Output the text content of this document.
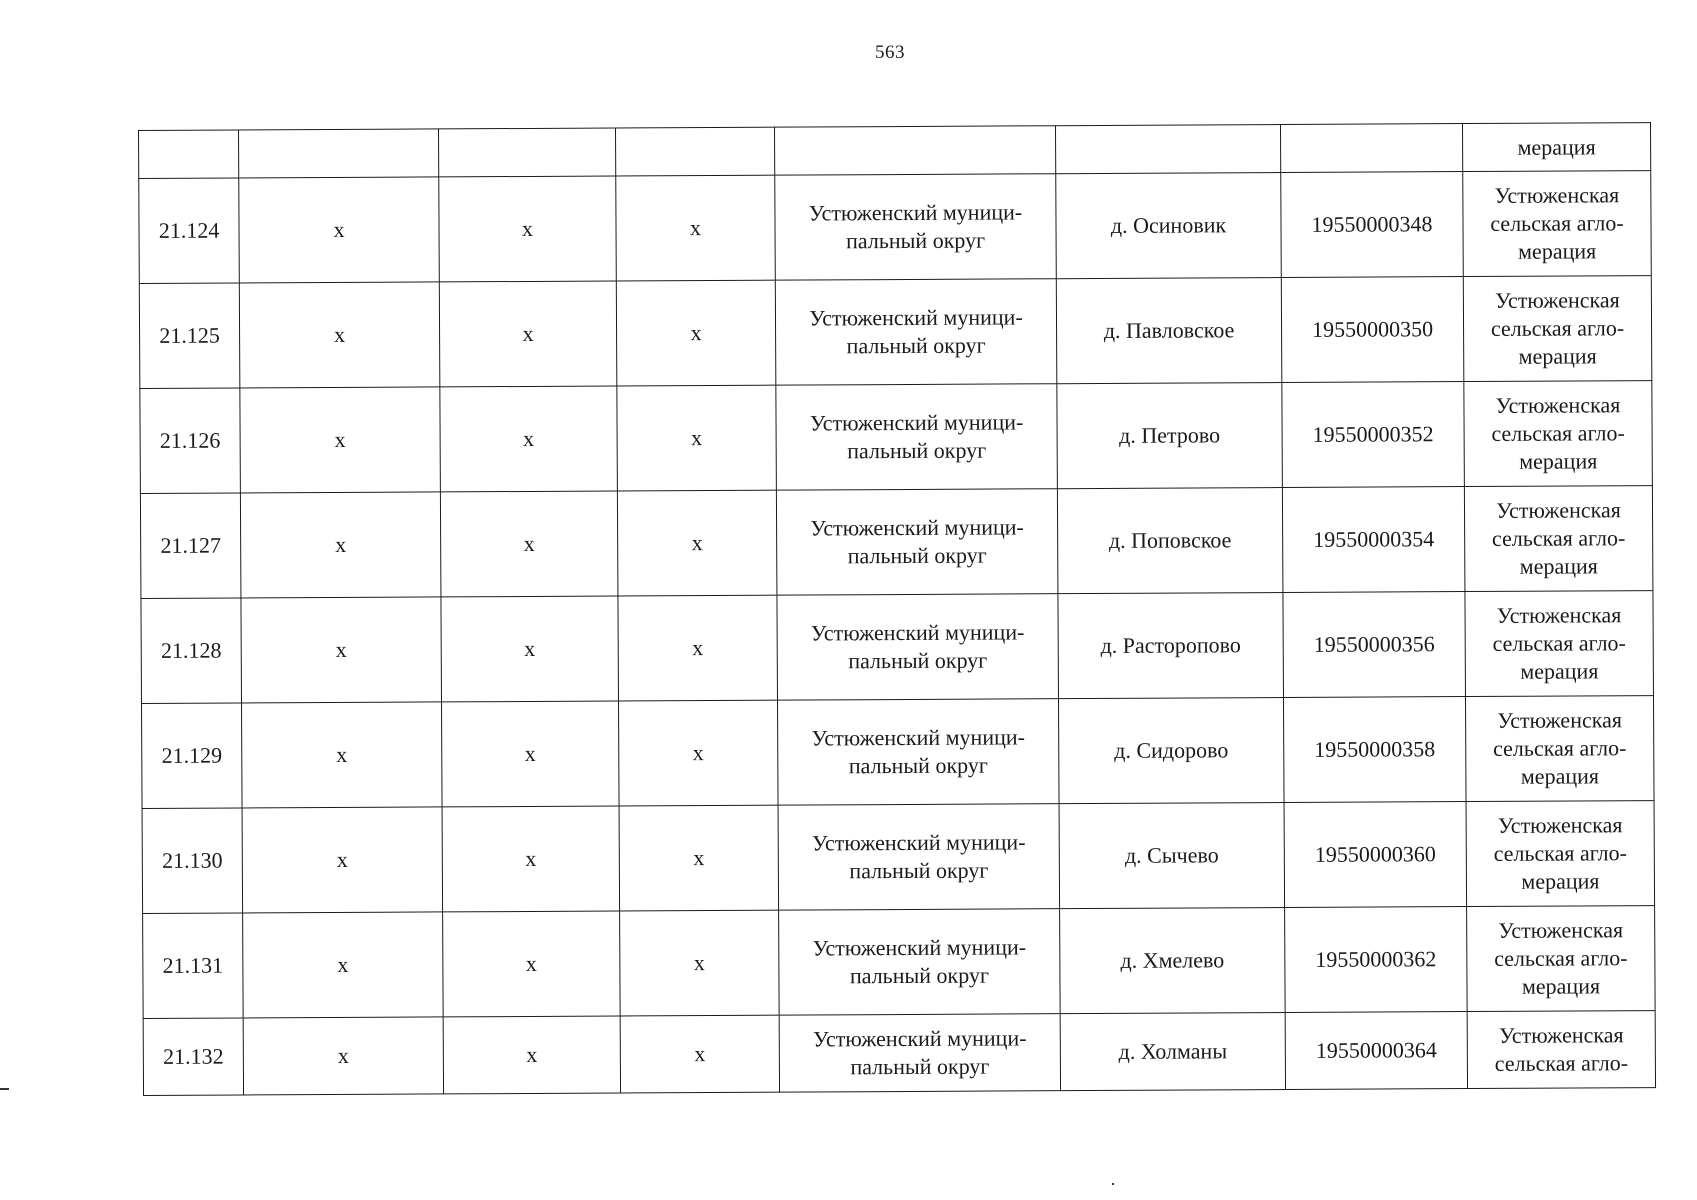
563
							мерация
21.124	х	х	х	Устюженский муници-пальный округ	д. Осиновик	19550000348	Устюженская сельская агло-мерация
21.125	х	х	х	Устюженский муници-пальный округ	д. Павловское	19550000350	Устюженская сельская агло-мерация
21.126	х	х	х	Устюженский муници-пальный округ	д. Петрово	19550000352	Устюженская сельская агло-мерация
21.127	х	х	х	Устюженский муници-пальный округ	д. Поповское	19550000354	Устюженская сельская агло-мерация
21.128	х	х	х	Устюженский муници-пальный округ	д. Расторопово	19550000356	Устюженская сельская агло-мерация
21.129	х	х	х	Устюженский муници-пальный округ	д. Сидорово	19550000358	Устюженская сельская агло-мерация
21.130	х	х	х	Устюженский муници-пальный округ	д. Сычево	19550000360	Устюженская сельская агло-мерация
21.131	х	х	х	Устюженский муници-пальный округ	д. Хмелево	19550000362	Устюженская сельская агло-мерация
21.132	х	х	х	Устюженский муници-пальный округ	д. Холманы	19550000364	Устюженская сельская агло-
